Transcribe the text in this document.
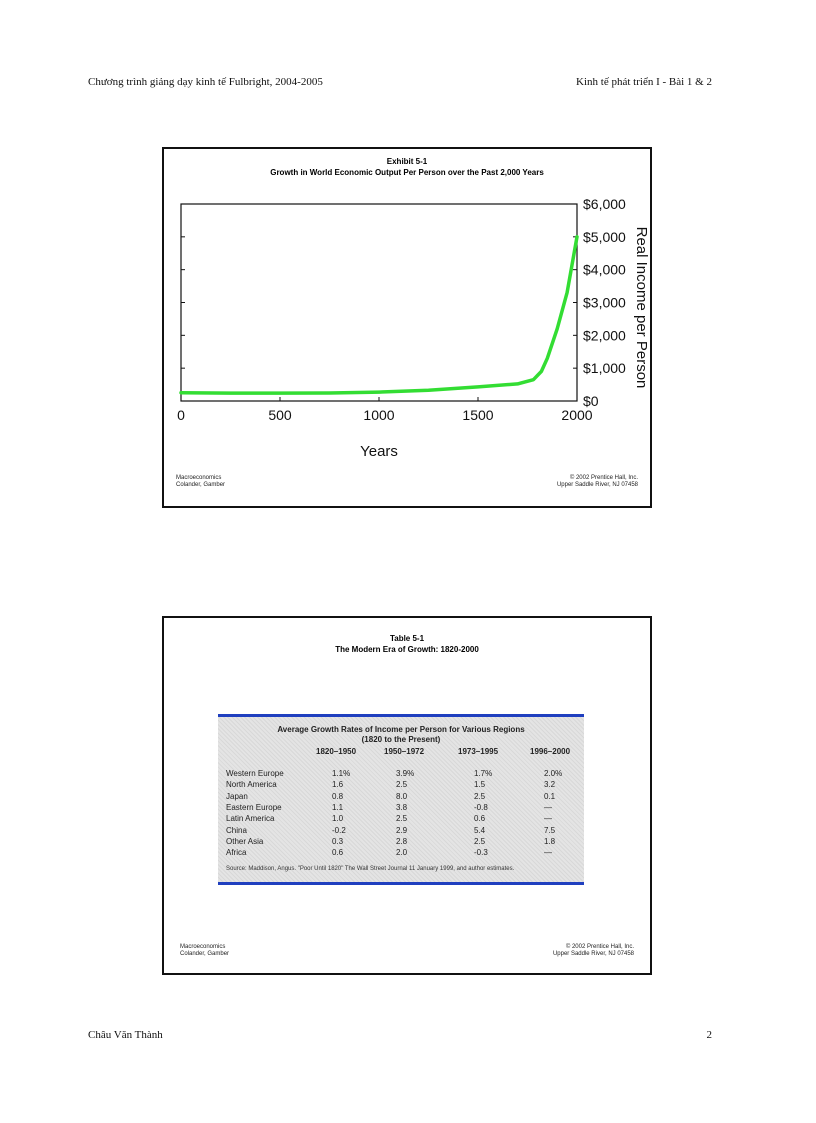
Chương trình giảng dạy kinh tế Fulbright, 2004-2005	Kinh tế phát triển I - Bài 1 & 2
Exhibit 5-1
Growth in World Economic Output Per Person over the Past 2,000 Years
$0
$1,000
$2,000
$3,000
$4,000
$5,000
$6,000
0	500	1000	1500	2000
Years
Real Income per Person
Macroeconomics
Colander, Gamber
© 2002 Prentice Hall, Inc.
Upper Saddle River, NJ 07458
Table 5-1
The Modern Era of Growth: 1820-2000
Average Growth Rates of Income per Person for Various Regions
(1820 to the Present)
1820–1950	1950–1972	1973–1995	1996–2000
Western Europe	1.1%	3.9%	1.7%	2.0%
North America	1.6	2.5	1.5	3.2
Japan	0.8	8.0	2.5	0.1
Eastern Europe	1.1	3.8	-0.8	—
Latin America	1.0	2.5	0.6	—
China	-0.2	2.9	5.4	7.5
Other Asia	0.3	2.8	2.5	1.8
Africa	0.6	2.0	-0.3	—
Source: Maddison, Angus. "Poor Until 1820" The Wall Street Journal 11 January 1999, and author estimates.
Macroeconomics
Colander, Gamber
© 2002 Prentice Hall, Inc.
Upper Saddle River, NJ 07458
Châu Văn Thành	2
